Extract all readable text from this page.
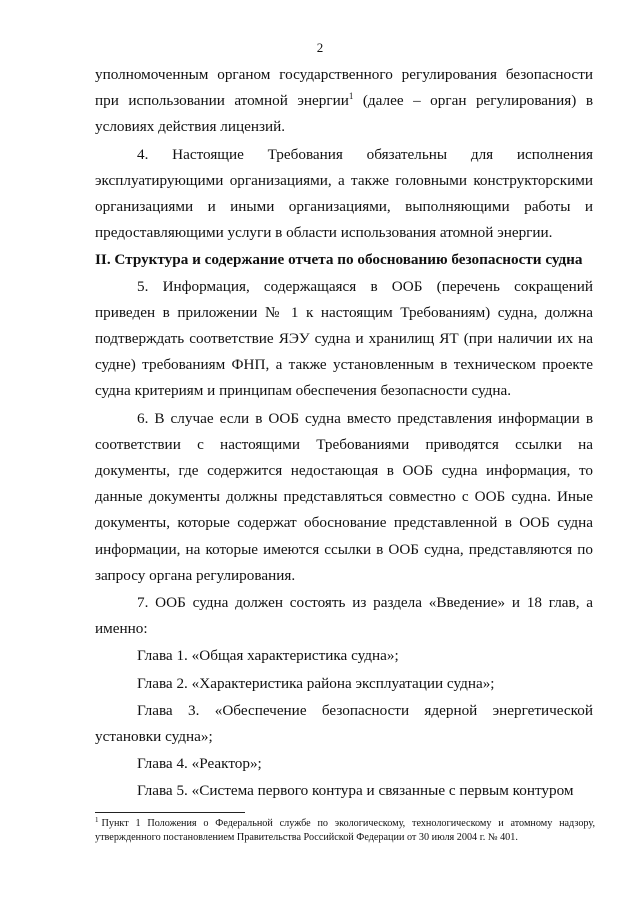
2

уполномоченным органом государственного регулирования безопасности при использовании атомной энергии$^1$ (далее – орган регулирования) в условиях действия лицензий.

4. Настоящие Требования обязательны для исполнения эксплуатирующими организациями, а также головными конструкторскими организациями и иными организациями, выполняющими работы и предоставляющими услуги в области использования атомной энергии.

II. Структура и содержание отчета по обоснованию безопасности судна

5. Информация, содержащаяся в ООБ (перечень сокращений приведен в приложении № 1 к настоящим Требованиям) судна, должна подтверждать соответствие ЯЭУ судна и хранилищ ЯТ (при наличии их на судне) требованиям ФНП, а также установленным в техническом проекте судна критериям и принципам обеспечения безопасности судна.

6. В случае если в ООБ судна вместо представления информации в соответствии с настоящими Требованиями приводятся ссылки на документы, где содержится недостающая в ООБ судна информация, то данные документы должны представляться совместно с ООБ судна. Иные документы, которые содержат обоснование представленной в ООБ судна информации, на которые имеются ссылки в ООБ судна, представляются по запросу органа регулирования.

7. ООБ судна должен состоять из раздела «Введение» и 18 глав, а именно:

Глава 1. «Общая характеристика судна»;

Глава 2. «Характеристика района эксплуатации судна»;

Глава 3. «Обеспечение безопасности ядерной энергетической установки судна»;

Глава 4. «Реактор»;

Глава 5. «Система первого контура и связанные с первым контуром

$^1$ Пункт 1 Положения о Федеральной службе по экологическому, технологическому и атомному надзору, утвержденного постановлением Правительства Российской Федерации от 30 июля 2004 г. № 401.
